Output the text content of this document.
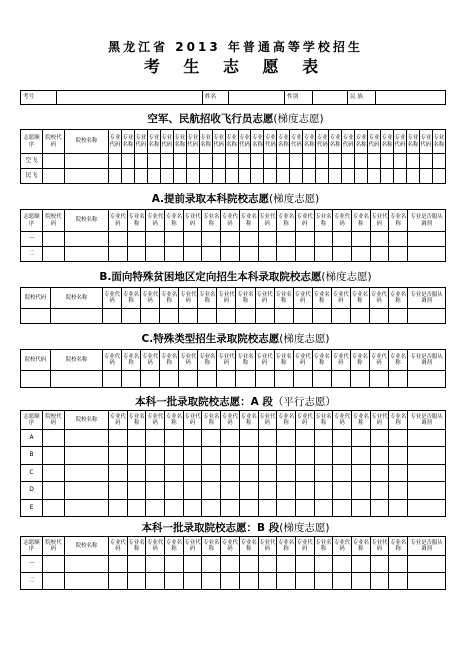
黑龙江省 2013 年普通高等学校招生
考 生 志 愿 表
考号		姓名		性别		民 族	
空军、民航招收飞行员志愿(梯度志愿)
志愿顺序	院校代码	院校名称	专业代码	专业名称	专业代码	专业名称	专业代码	专业名称	专业代码	专业名称	专业代码	专业名称	专业代码	专业名称	专业代码	专业名称	专业代码	专业名称	专业代码	专业名称	专业代码	专业名称	专业代码	专业名称	专业代码	专业名称	专业代码	专业名称
空飞																												
民飞																												
A.提前录取本科院校志愿(梯度志愿)
志愿顺序	院校代码	院校名称	专业代码	专业名称	专业代码	专业名称	专业代码	专业名称	专业代码	专业名称	专业代码	专业名称	专业代码	专业名称	专业代码	专业名称	专业代码	专业名称	专业是否服从调剂
一																			
二																			
B.面向特殊贫困地区定向招生本科录取院校志愿(梯度志愿)
院校代码	院校名称	专业代码	专业名称	专业代码	专业名称	专业代码	专业名称	专业代码	专业名称	专业代码	专业名称	专业代码	专业名称	专业代码	专业名称	专业代码	专业名称	专业是否服从调剂

C.特殊类型招生录取院校志愿(梯度志愿)
院校代码	院校名称	专业代码	专业名称	专业代码	专业名称	专业代码	专业名称	专业代码	专业名称	专业代码	专业名称	专业代码	专业名称	专业代码	专业名称	专业代码	专业名称	专业是否服从调剂

本科一批录取院校志愿：A 段（平行志愿）
志愿顺序	院校代码	院校名称	专业代码	专业名称	专业代码	专业名称	专业代码	专业名称	专业代码	专业名称	专业代码	专业名称	专业代码	专业名称	专业代码	专业名称	专业代码	专业名称	专业是否服从调剂
A																			
B																			
C																			
D																			
E																			
本科一批录取院校志愿：B 段(梯度志愿)
志愿顺序	院校代码	院校名称	专业代码	专业名称	专业代码	专业名称	专业代码	专业名称	专业代码	专业名称	专业代码	专业名称	专业代码	专业名称	专业代码	专业名称	专业代码	专业名称	专业是否服从调剂
一																			
二																			
